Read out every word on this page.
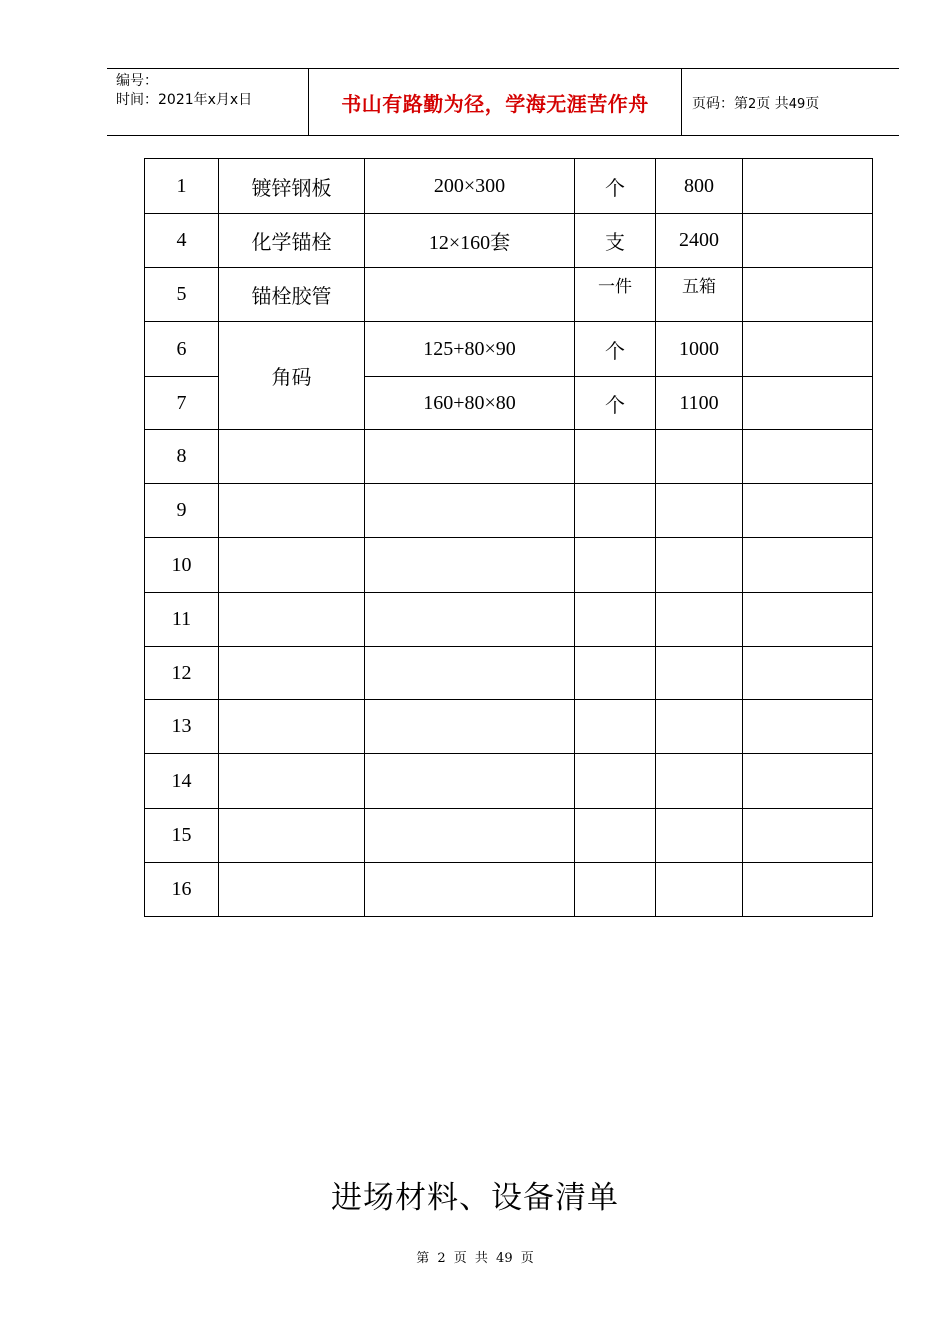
编号：
时间：2021年x月x日	书山有路勤为径，学海无涯苦作舟	页码：第2页 共49页
1	镀锌钢板	200×300	个	800	
4	化学锚栓	12×160套	支	2400	
5	锚栓胶管		一件	五箱	
6	角码	125+80×90	个	1000	
7		160+80×80	个	1100	
8					
9					
10					
11					
12					
13					
14					
15					
16					
进场材料、设备清单
第 2 页 共 49 页
